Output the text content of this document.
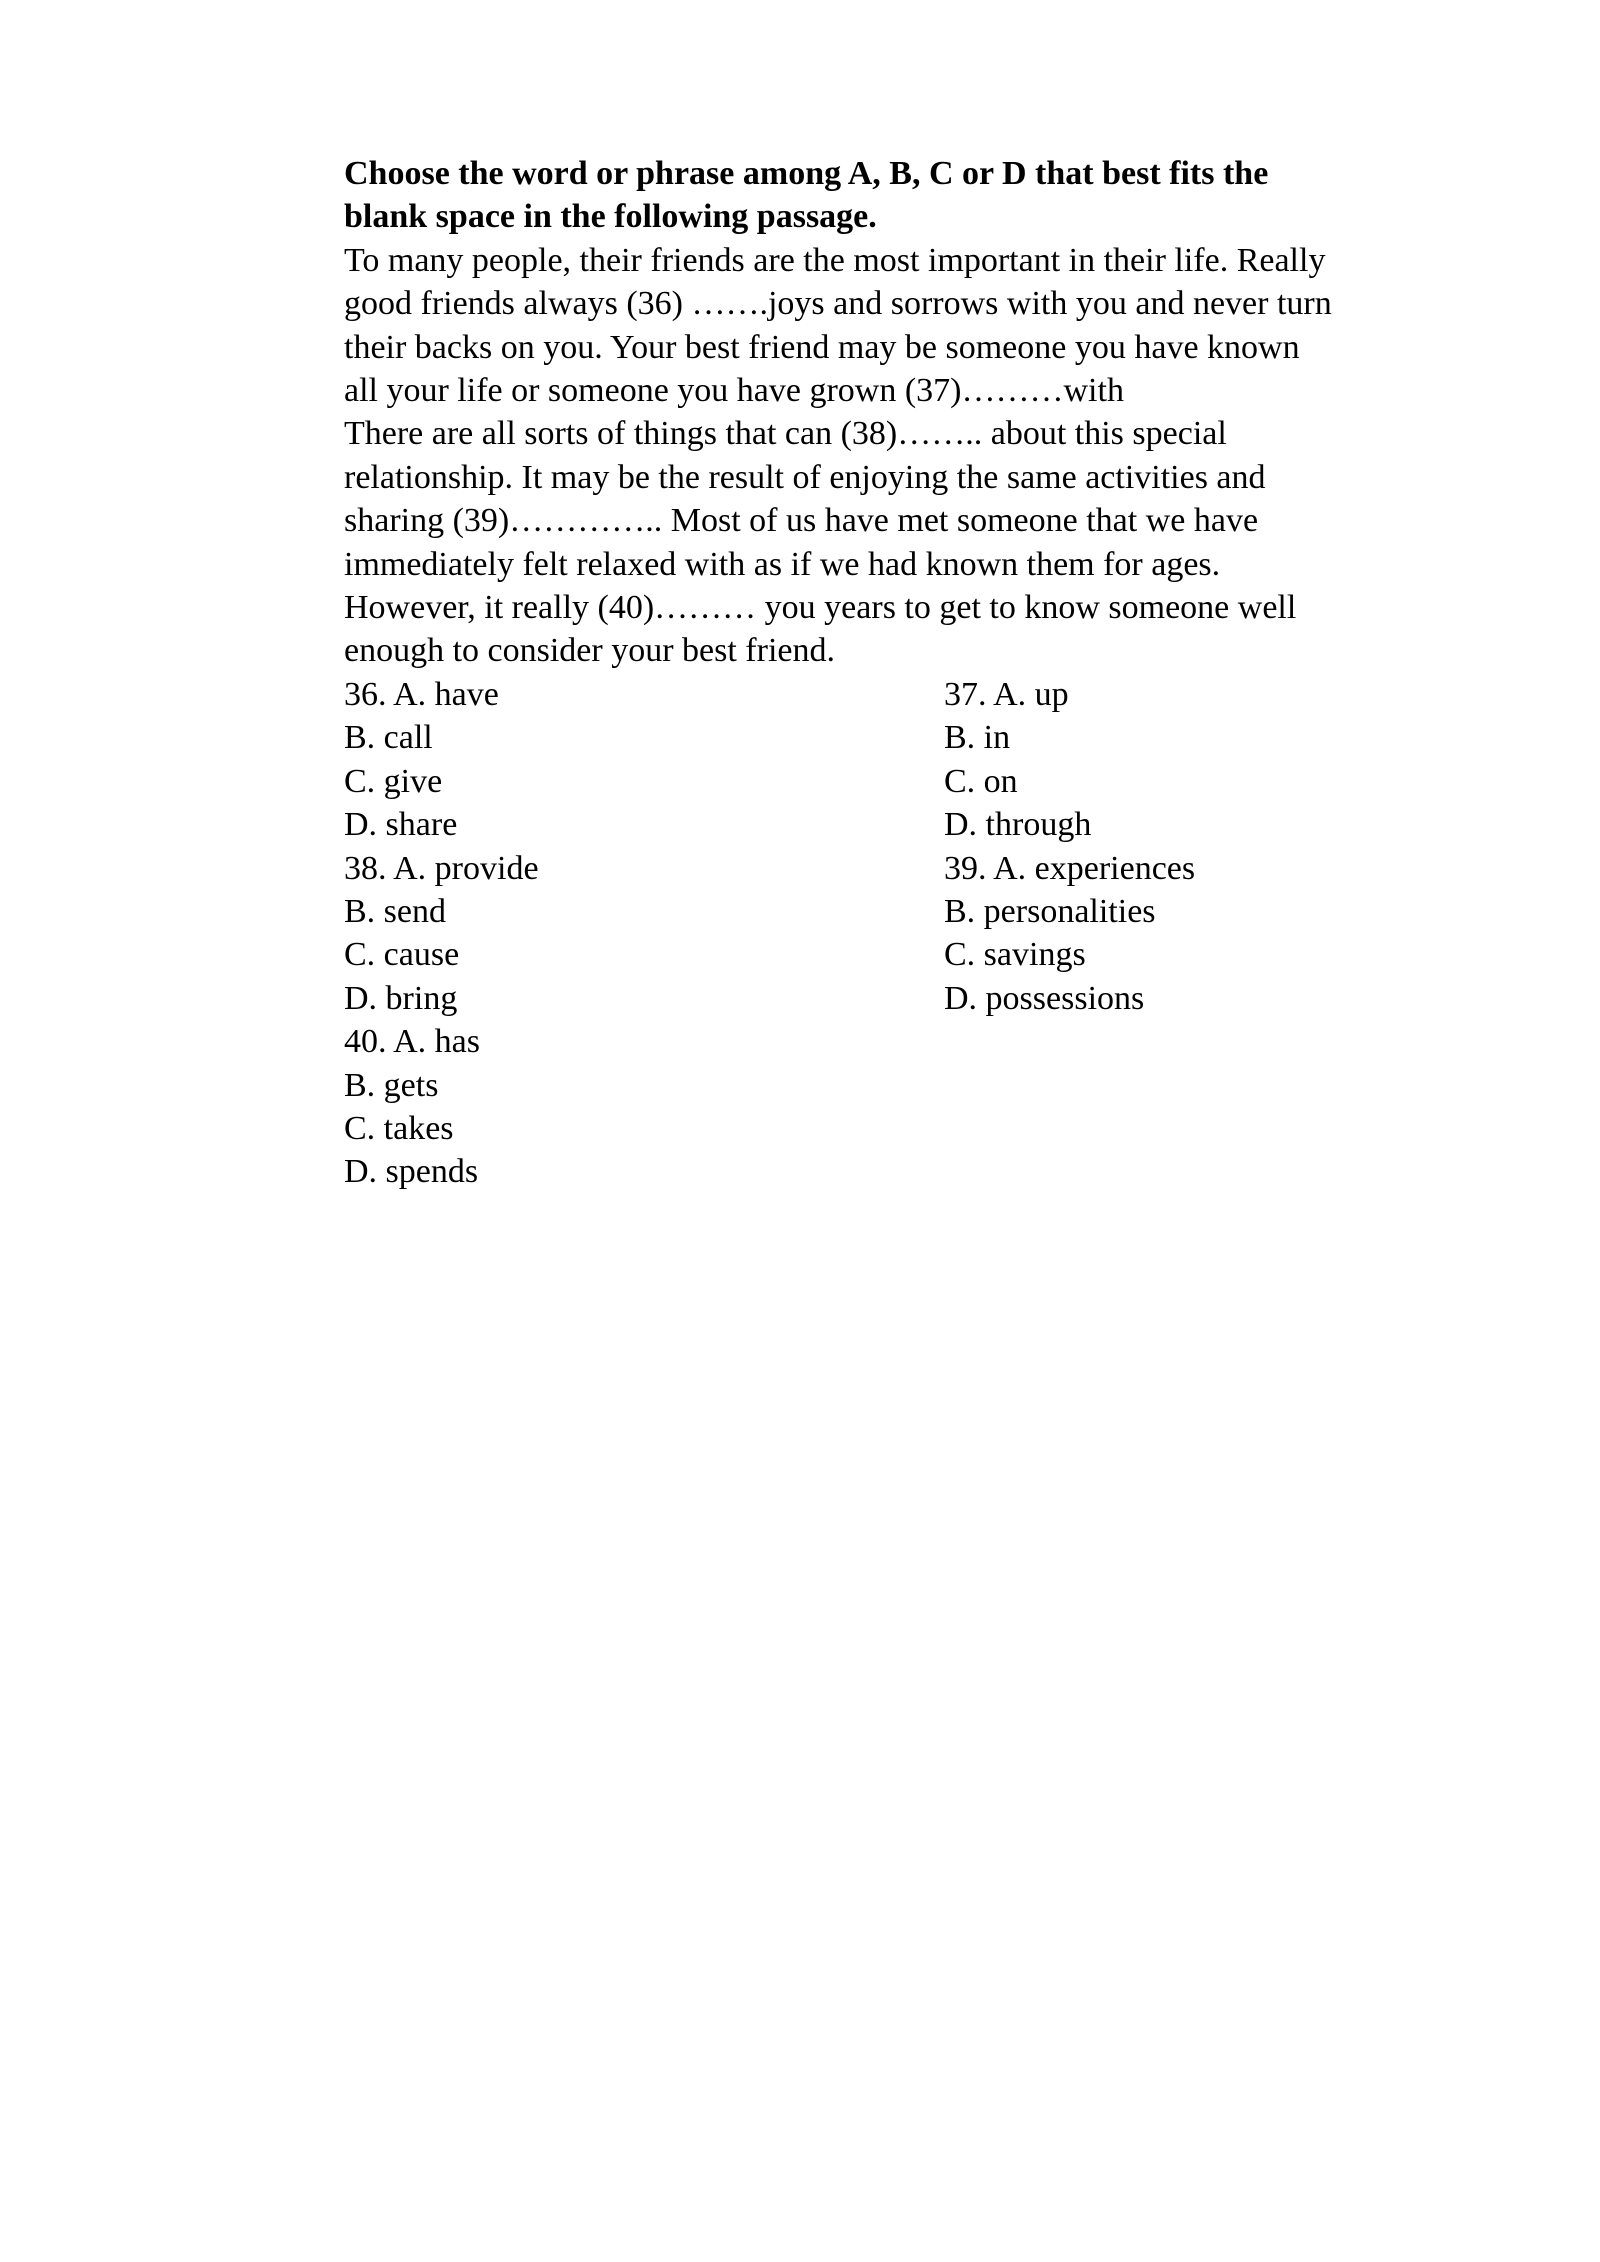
Choose the word or phrase among A, B, C or D that best fits the
blank space in the following passage.
To many people, their friends are the most important in their life. Really
good friends always (36) …….joys and sorrows with you and never turn
their backs on you. Your best friend may be someone you have known
all your life or someone you have grown (37)………with
There are all sorts of things that can (38)…….. about this special
relationship. It may be the result of enjoying the same activities and
sharing (39)………….. Most of us have met someone that we have
immediately felt relaxed with as if we had known them for ages.
However, it really (40)……… you years to get to know someone well
enough to consider your best friend.
36. A. have
B. call
C. give
D. share
37. A. up
B. in
C. on
D. through
38. A. provide
B. send
C. cause
D. bring
39. A. experiences
B. personalities
C. savings
D. possessions
40. A. has
B. gets
C. takes
D. spends
